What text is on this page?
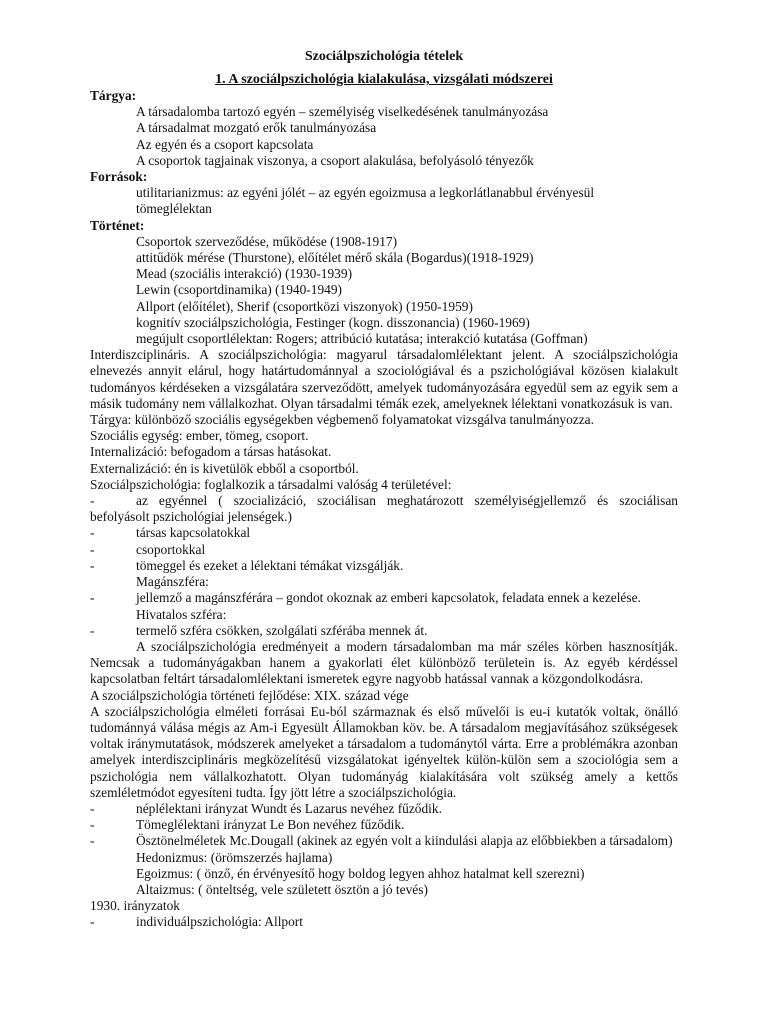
Szociálpszichológia tételek

1. A szociálpszichológia kialakulása, vizsgálati módszerei

Tárgya:

A társadalomba tartozó egyén – személyiség viselkedésének tanulmányozása

A társadalmat mozgató erők tanulmányozása

Az egyén és a csoport kapcsolata

A csoportok tagjainak viszonya, a csoport alakulása, befolyásoló tényezők

Források:

utilitarianizmus: az egyéni jólét – az egyén egoizmusa a legkorlátlanabbul érvényesül

tömeglélektan

Történet:

Csoportok szerveződése, működése (1908-1917)

attitűdök mérése (Thurstone), előítélet mérő skála (Bogardus)(1918-1929)

Mead (szociális interakció) (1930-1939)

Lewin (csoportdinamika) (1940-1949)

Allport (előítélet), Sherif (csoportközi viszonyok) (1950-1959)

kognitív szociálpszichológia, Festinger (kogn. disszonancia) (1960-1969)

megújult csoportlélektan: Rogers; attribúció kutatása; interakció kutatása (Goffman)

Interdiszciplináris. A szociálpszichológia: magyarul társadalomlélektant jelent. A szociálpszichológia elnevezés annyit elárul, hogy határtudománnyal a szociológiával és a pszichológiával közösen kialakult tudományos kérdéseken a vizsgálatára szerveződött, amelyek tudományozására egyedül sem az egyik sem a másik tudomány nem vállalkozhat. Olyan társadalmi témák ezek, amelyeknek lélektani vonatkozásuk is van.

Tárgya: különböző szociális egységekben végbemenő folyamatokat vizsgálva tanulmányozza.

Szociális egység: ember, tömeg, csoport.

Internalizáció: befogadom a társas hatásokat.

Externalizáció: én is kivetülök ebből a csoportból.

Szociálpszichológia: foglalkozik a társadalmi valóság 4 területével:

-	az egyénnel ( szocializáció, szociálisan meghatározott személyiségjellemző és szociálisan befolyásolt pszichológiai jelenségek.)

-	társas kapcsolatokkal
-	csoportokkal
-	tömeggel és ezeket a lélektani témákat vizsgálják.

Magánszféra:

-	jellemző a magánszférára – gondot okoznak az emberi kapcsolatok, feladata ennek a kezelése.

Hivatalos szféra:

-	termelő szféra csökken, szolgálati szférába mennek át.

A szociálpszichológia eredményeit a modern társadalomban ma már széles körben hasznosítják. Nemcsak a tudományágakban hanem a gyakorlati élet különböző területein is. Az egyéb kérdéssel kapcsolatban feltárt társadalomlélektani ismeretek egyre nagyobb hatással vannak a közgondolkodásra.

A szociálpszichológia történeti fejlődése: XIX. század vége

A szociálpszichológia elméleti forrásai Eu-ból származnak és első művelői is eu-i kutatók voltak, önálló tudománnyá válása mégis az Am-i Egyesült Államokban köv. be. A társadalom megjavításához szükségesek voltak iránymutatások, módszerek amelyeket a társadalom a tudománytól várta. Erre a problémákra azonban amelyek interdiszciplináris megközelítésű vizsgálatokat igényeltek külön-külön sem a szociológia sem a pszichológia nem vállalkozhatott. Olyan tudományág kialakítására volt szükség amely a kettős szemléletmódot egyesíteni tudta. Így jött létre a szociálpszichológia.

-	néplélektani irányzat Wundt és Lazarus nevéhez fűződik.
-	Tömeglélektani irányzat Le Bon nevéhez fűződik.

-	Ösztönelméletek Mc.Dougall (akinek az egyén volt a kiindulási alapja az előbbiekben a társadalom)

Hedonizmus: (örömszerzés hajlama)

Egoizmus: ( önző, én érvényesítő hogy boldog legyen ahhoz hatalmat kell szerezni)

Altaizmus: ( önteltség, vele született ösztön a jó tevés)

1930. irányzatok

-	individuálpszichológia: Allport
